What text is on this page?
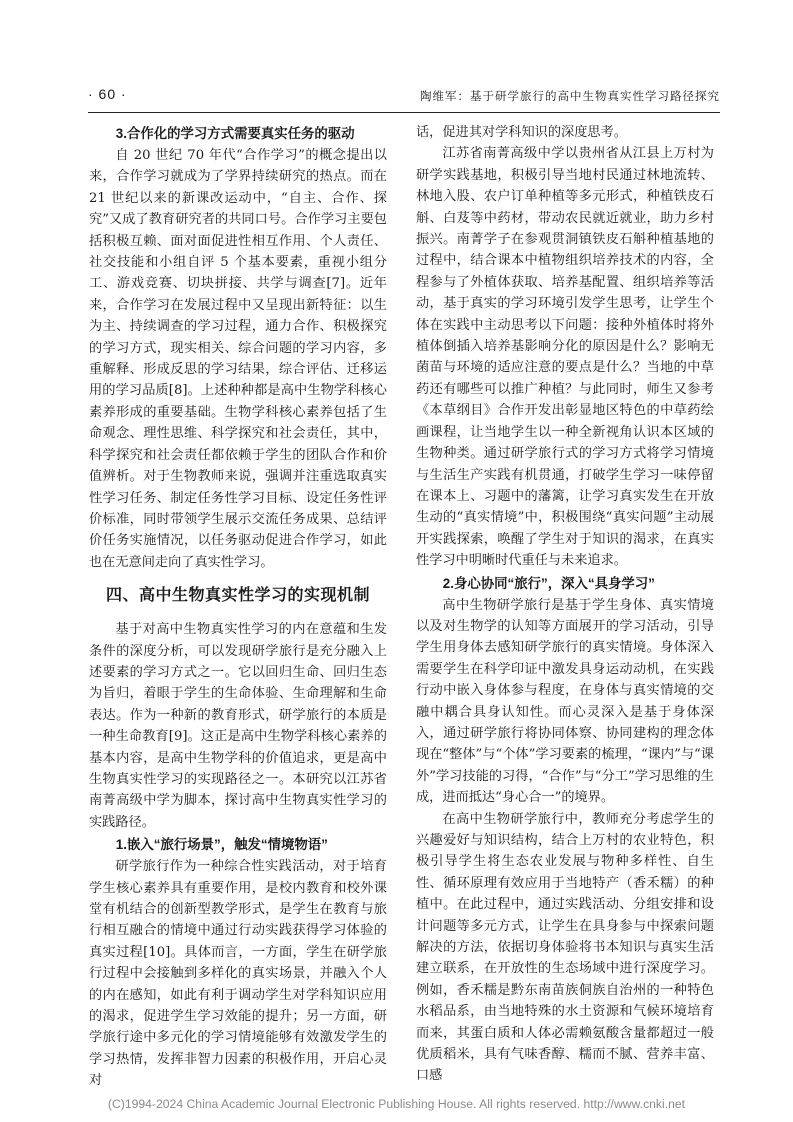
· 60 ·	陶维军：基于研学旅行的高中生物真实性学习路径探究
3.合作化的学习方式需要真实任务的驱动

自 20 世纪 70 年代“合作学习”的概念提出以来，合作学习就成为了学界持续研究的热点。而在 21 世纪以来的新课改运动中，“自主、合作、探究”又成了教育研究者的共同口号。合作学习主要包括积极互赖、面对面促进性相互作用、个人责任、社交技能和小组自评 5 个基本要素，重视小组分工、游戏竞赛、切块拼接、共学与调查[7]。近年来，合作学习在发展过程中又呈现出新特征：以生为主、持续调查的学习过程，通力合作、积极探究的学习方式，现实相关、综合问题的学习内容，多重解释、形成反思的学习结果，综合评估、迁移运用的学习品质[8]。上述种种都是高中生物学科核心素养形成的重要基础。生物学科核心素养包括了生命观念、理性思维、科学探究和社会责任，其中，科学探究和社会责任都依赖于学生的团队合作和价值辨析。对于生物教师来说，强调并注重选取真实性学习任务、制定任务性学习目标、设定任务性评价标准，同时带领学生展示交流任务成果、总结评价任务实施情况，以任务驱动促进合作学习，如此也在无意间走向了真实性学习。

四、高中生物真实性学习的实现机制

基于对高中生物真实性学习的内在意蕴和生发条件的深度分析，可以发现研学旅行是充分融入上述要素的学习方式之一。它以回归生命、回归生态为旨归，着眼于学生的生命体验、生命理解和生命表达。作为一种新的教育形式，研学旅行的本质是一种生命教育[9]。这正是高中生物学科核心素养的基本内容，是高中生物学科的价值追求，更是高中生物真实性学习的实现路径之一。本研究以江苏省南菁高级中学为脚本，探讨高中生物真实性学习的实践路径。

1.嵌入“旅行场景”，触发“情境物语”

研学旅行作为一种综合性实践活动，对于培育学生核心素养具有重要作用，是校内教育和校外课堂有机结合的创新型教学形式，是学生在教育与旅行相互融合的情境中通过行动实践获得学习体验的真实过程[10]。具体而言，一方面，学生在研学旅行过程中会接触到多样化的真实场景，并融入个人的内在感知，如此有利于调动学生对学科知识应用的渴求，促进学生学习效能的提升；另一方面，研学旅行途中多元化的学习情境能够有效激发学生的学习热情，发挥非智力因素的积极作用，开启心灵对

话，促进其对学科知识的深度思考。

江苏省南菁高级中学以贵州省从江县上万村为研学实践基地，积极引导当地村民通过林地流转、林地入股、农户订单种植等多元形式，种植铁皮石斛、白芨等中药材，带动农民就近就业，助力乡村振兴。南菁学子在参观贯洞镇铁皮石斛种植基地的过程中，结合课本中植物组织培养技术的内容，全程参与了外植体获取、培养基配置、组织培养等活动，基于真实的学习环境引发学生思考，让学生个体在实践中主动思考以下问题：接种外植体时将外植体倒插入培养基影响分化的原因是什么？影响无菌苗与环境的适应注意的要点是什么？当地的中草药还有哪些可以推广种植？与此同时，师生又参考《本草纲目》合作开发出彰显地区特色的中草药绘画课程，让当地学生以一种全新视角认识本区域的生物种类。通过研学旅行式的学习方式将学习情境与生活生产实践有机贯通，打破学生学习一味停留在课本上、习题中的藩篱，让学习真实发生在开放生动的“真实情境”中，积极围绕“真实问题”主动展开实践探索，唤醒了学生对于知识的渴求，在真实性学习中明晰时代重任与未来追求。

2.身心协同“旅行”，深入“具身学习”

高中生物研学旅行是基于学生身体、真实情境以及对生物学的认知等方面展开的学习活动，引导学生用身体去感知研学旅行的真实情境。身体深入需要学生在科学印证中激发具身运动动机，在实践行动中嵌入身体参与程度，在身体与真实情境的交融中耦合具身认知性。而心灵深入是基于身体深入，通过研学旅行将协同体察、协同建构的理念体现在“整体”与“个体”学习要素的梳理，“课内”与“课外”学习技能的习得，“合作”与“分工”学习思维的生成，进而抵达“身心合一”的境界。

在高中生物研学旅行中，教师充分考虑学生的兴趣爱好与知识结构，结合上万村的农业特色，积极引导学生将生态农业发展与物种多样性、自生性、循环原理有效应用于当地特产（香禾糯）的种植中。在此过程中，通过实践活动、分组安排和设计问题等多元方式，让学生在具身参与中探索问题解决的方法，依据切身体验将书本知识与真实生活建立联系，在开放性的生态场域中进行深度学习。例如，香禾糯是黔东南苗族侗族自治州的一种特色水稻品系，由当地特殊的水土资源和气候环境培育而来，其蛋白质和人体必需赖氨酸含量都超过一般优质稻米，具有气味香醇、糯而不腻、营养丰富、口感

(C)1994-2024 China Academic Journal Electronic Publishing House. All rights reserved. http://www.cnki.net
